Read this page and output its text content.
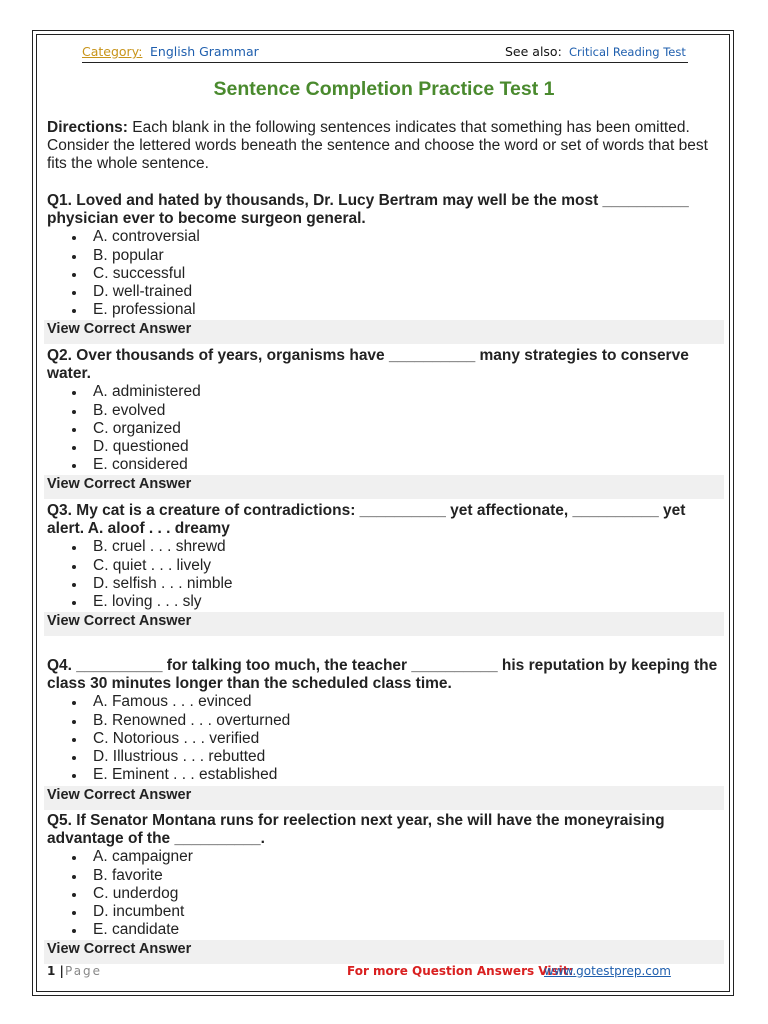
Category: English Grammar	See also: Critical Reading Test
Sentence Completion Practice Test 1
Directions: Each blank in the following sentences indicates that something has been omitted. Consider the lettered words beneath the sentence and choose the word or set of words that best fits the whole sentence.

Q1. Loved and hated by thousands, Dr. Lucy Bertram may well be the most __________ physician ever to become surgeon general.

A. controversial
B. popular
C. successful
D. well-trained
E. professional
View Correct Answer

Q2. Over thousands of years, organisms have __________ many strategies to conserve water.

A. administered
B. evolved
C. organized
D. questioned
E. considered
View Correct Answer

Q3. My cat is a creature of contradictions: __________ yet affectionate, __________ yet alert. A. aloof . . . dreamy

B. cruel . . . shrewd
C. quiet . . . lively
D. selfish . . . nimble
E. loving . . . sly
View Correct Answer

Q4. __________ for talking too much, the teacher __________ his reputation by keeping the class 30 minutes longer than the scheduled class time.

A. Famous . . . evinced
B. Renowned . . . overturned
C. Notorious . . . verified
D. Illustrious . . . rebutted
E. Eminent . . . established
View Correct Answer

Q5. If Senator Montana runs for reelection next year, she will have the moneyraising advantage of the __________.

A. campaigner
B. favorite
C. underdog
D. incumbent
E. candidate
View Correct Answer
1 | Page	For more Question Answers Visit:
www.gotestprep.com
